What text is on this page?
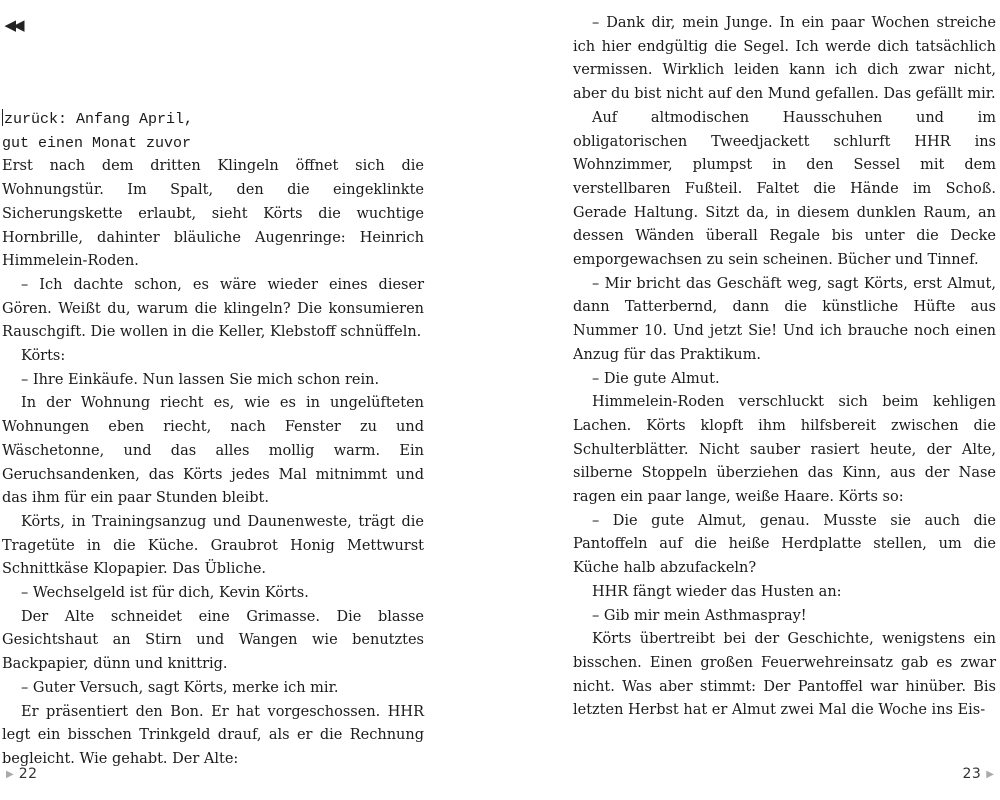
◀◀
zurück: Anfang April,
gut einen Monat zuvor

Erst nach dem dritten Klingeln öffnet sich die Wohnungstür. Im Spalt, den die eingeklinkte Sicherungskette erlaubt, sieht Körts die wuchtige Hornbrille, dahinter bläuliche Augenringe: Heinrich Himmelein-Roden.

– Ich dachte schon, es wäre wieder eines dieser Gören. Weißt du, warum die klingeln? Die konsumieren Rauschgift. Die wollen in die Keller, Klebstoff schnüffeln.

Körts:

– Ihre Einkäufe. Nun lassen Sie mich schon rein.

In der Wohnung riecht es, wie es in ungelüfteten Wohnungen eben riecht, nach Fenster zu und Wäschetonne, und das alles mollig warm. Ein Geruchsandenken, das Körts jedes Mal mitnimmt und das ihm für ein paar Stunden bleibt.

Körts, in Trainingsanzug und Daunenweste, trägt die Tragetüte in die Küche. Graubrot Honig Mettwurst Schnittkäse Klopapier. Das Übliche.

– Wechselgeld ist für dich, Kevin Körts.

Der Alte schneidet eine Grimasse. Die blasse Gesichtshaut an Stirn und Wangen wie benutztes Backpapier, dünn und knittrig.

– Guter Versuch, sagt Körts, merke ich mir.

Er präsentiert den Bon. Er hat vorgeschossen. HHR legt ein bisschen Trinkgeld drauf, als er die Rechnung begleicht. Wie gehabt. Der Alte:

– Dank dir, mein Junge. In ein paar Wochen streiche ich hier endgültig die Segel. Ich werde dich tatsächlich vermissen. Wirklich leiden kann ich dich zwar nicht, aber du bist nicht auf den Mund gefallen. Das gefällt mir.

Auf altmodischen Hausschuhen und im obligatorischen Tweedjackett schlurft HHR ins Wohnzimmer, plumpst in den Sessel mit dem verstellbaren Fußteil. Faltet die Hände im Schoß. Gerade Haltung. Sitzt da, in diesem dunklen Raum, an dessen Wänden überall Regale bis unter die Decke emporgewachsen zu sein scheinen. Bücher und Tinnef.

– Mir bricht das Geschäft weg, sagt Körts, erst Almut, dann Tatterbernd, dann die künstliche Hüfte aus Nummer 10. Und jetzt Sie! Und ich brauche noch einen Anzug für das Praktikum.

– Die gute Almut.

Himmelein-Roden verschluckt sich beim kehligen Lachen. Körts klopft ihm hilfsbereit zwischen die Schulterblätter. Nicht sauber rasiert heute, der Alte, silberne Stoppeln überziehen das Kinn, aus der Nase ragen ein paar lange, weiße Haare. Körts so:

– Die gute Almut, genau. Musste sie auch die Pantoffeln auf die heiße Herdplatte stellen, um die Küche halb abzufackeln?

HHR fängt wieder das Husten an:

– Gib mir mein Asthmaspray!

Körts übertreibt bei der Geschichte, wenigstens ein bisschen. Einen großen Feuerwehreinsatz gab es zwar nicht. Was aber stimmt: Der Pantoffel war hinüber. Bis letzten Herbst hat er Almut zwei Mal die Woche ins Eis-

▶ 22	23 ▶
